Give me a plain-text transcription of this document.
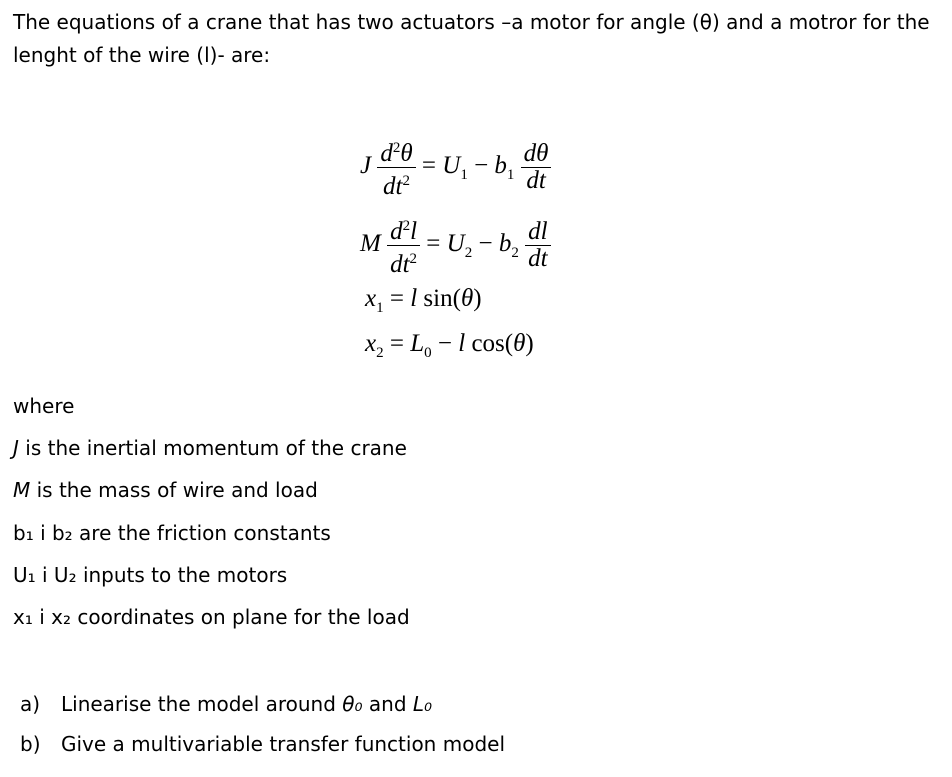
The equations of a crane that has two actuators –a motor for angle (θ) and a motror for the lenght of the wire (l)- are:
J $\frac{d^2\theta}{dt^2} = U_1 - b_1 \frac{d\theta}{dt}$
M $\frac{d^2l}{dt^2} = U_2 - b_2 \frac{dl}{dt}$
$x_1 = l$ sin(θ)
$x_2 = L_0 - l$ cos(θ)
where
J is the inertial momentum of the crane
M is the mass of wire and load
b₁ i b₂ are the friction constants
U₁ i U₂ inputs to the motors
x₁ i x₂ coordinates on plane for the load
a) Linearise the model around θ₀ and L₀
b) Give a multivariable transfer function model
